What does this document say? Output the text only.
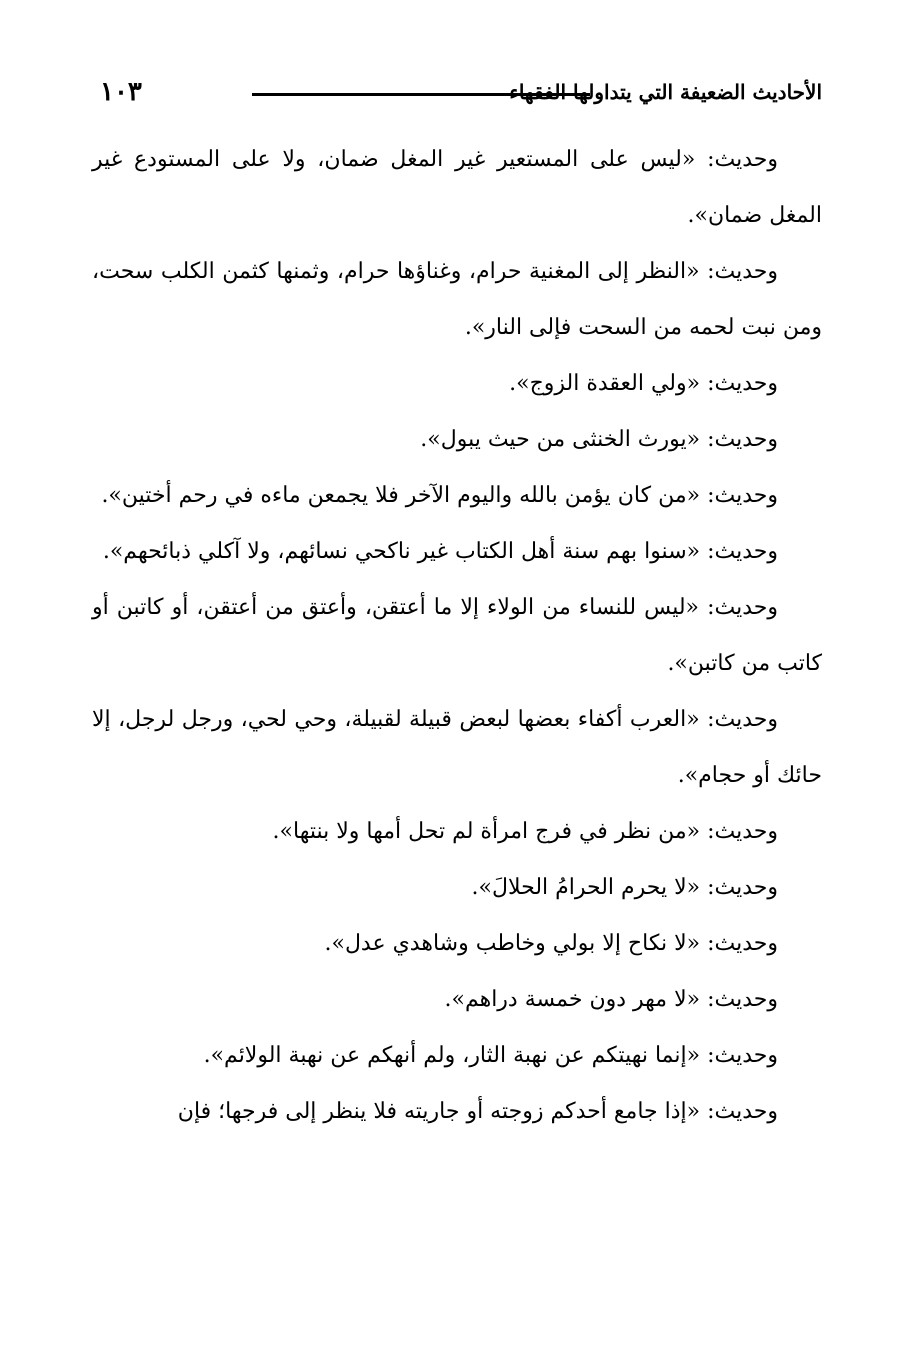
١٠٣	الأحاديث الضعيفة التي يتداولها الفقهاء

وحديث: «ليس على المستعير غير المغل ضمان، ولا على المستودع غير المغل ضمان».

وحديث: «النظر إلى المغنية حرام، وغناؤها حرام، وثمنها كثمن الكلب سحت، ومن نبت لحمه من السحت فإلى النار».

وحديث: «ولي العقدة الزوج».

وحديث: «يورث الخنثى من حيث يبول».

وحديث: «من كان يؤمن بالله واليوم الآخر فلا يجمعن ماءه في رحم أختين».

وحديث: «سنوا بهم سنة أهل الكتاب غير ناكحي نسائهم، ولا آكلي ذبائحهم».

وحديث: «ليس للنساء من الولاء إلا ما أعتقن، وأعتق من أعتقن، أو كاتبن أو كاتب من كاتبن».

وحديث: «العرب أكفاء بعضها لبعض قبيلة لقبيلة، وحي لحي، ورجل لرجل، إلا حائك أو حجام».

وحديث: «من نظر في فرج امرأة لم تحل أمها ولا بنتها».

وحديث: «لا يحرم الحرامُ الحلالَ».

وحديث: «لا نكاح إلا بولي وخاطب وشاهدي عدل».

وحديث: «لا مهر دون خمسة دراهم».

وحديث: «إنما نهيتكم عن نهبة الثار، ولم أنهكم عن نهبة الولائم».

وحديث: «إذا جامع أحدكم زوجته أو جاريته فلا ينظر إلى فرجها؛ فإن
